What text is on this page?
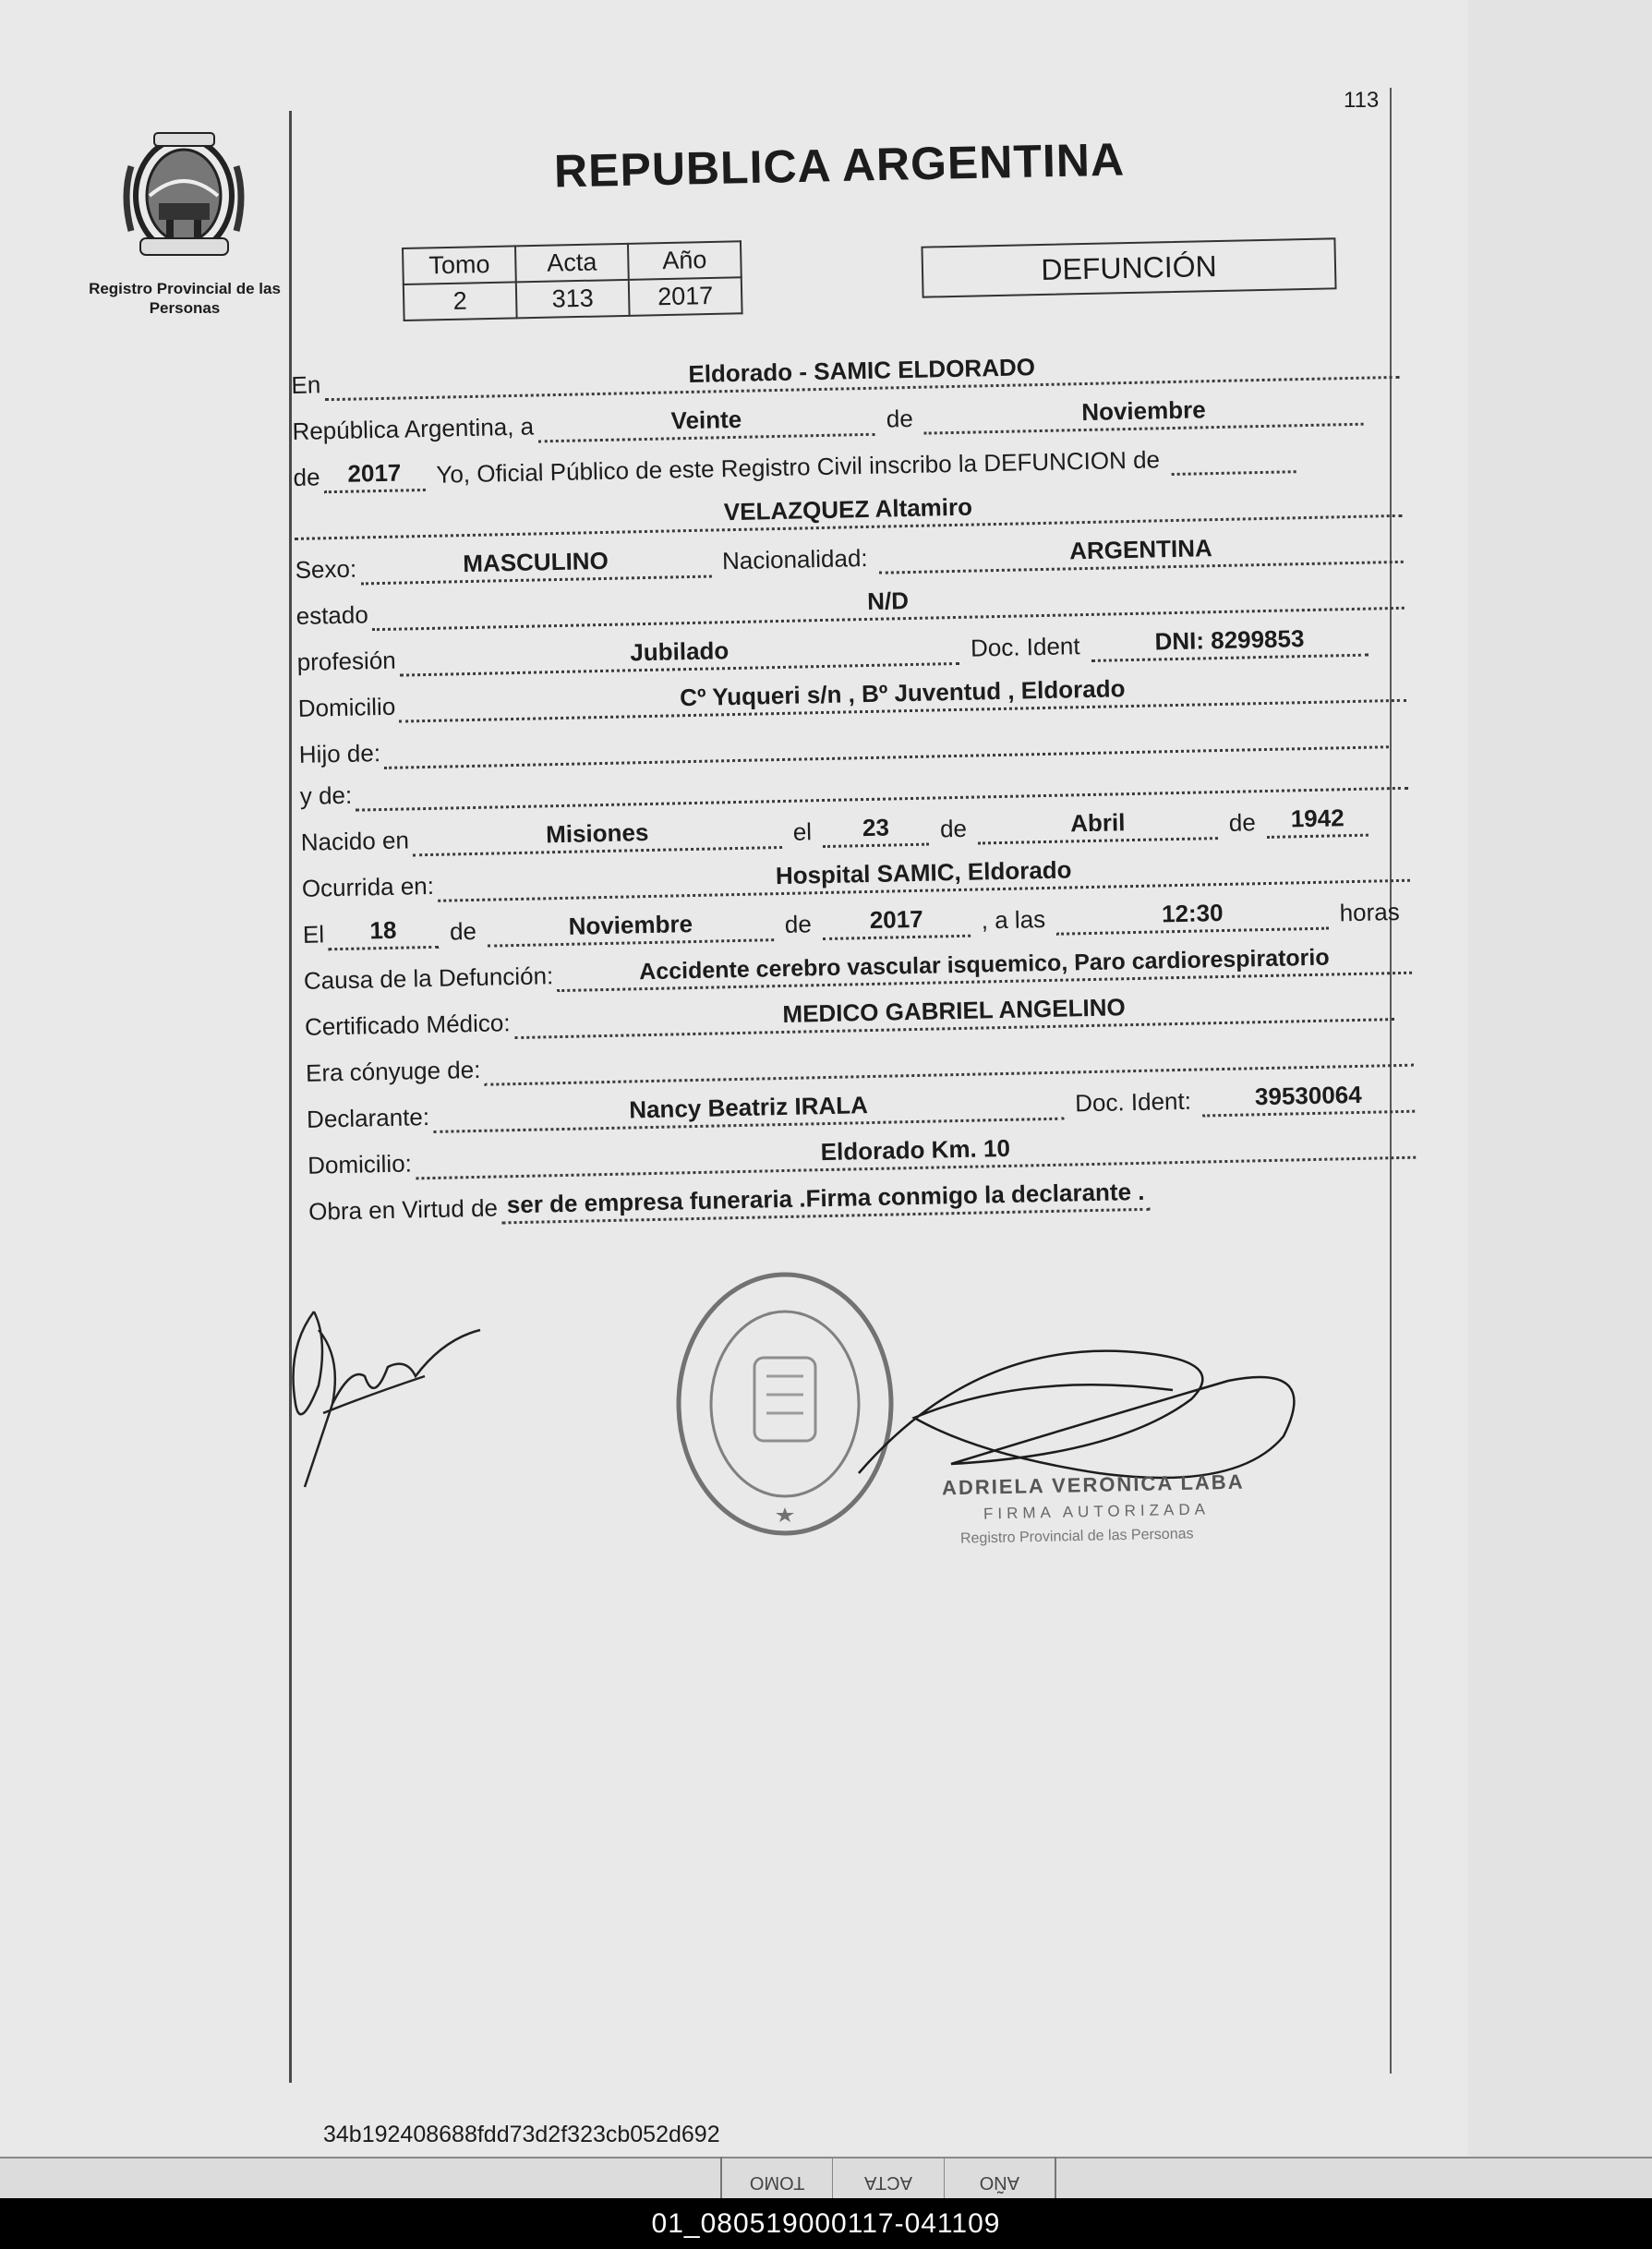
113
Registro Provincial de las Personas
REPUBLICA ARGENTINA
Tomo	Acta	Año
2	313	2017
DEFUNCIÓN
En	Eldorado - SAMIC ELDORADO
República Argentina, a	Veinte	de	Noviembre
de	2017	Yo, Oficial Público de este Registro Civil inscribo la DEFUNCION de
VELAZQUEZ Altamiro
Sexo:	MASCULINO	Nacionalidad:	ARGENTINA
estado	N/D
profesión	Jubilado	Doc. Ident	DNI: 8299853
Domicilio	Cº Yuqueri s/n , Bº Juventud , Eldorado
Hijo de:
y de:
Nacido en	Misiones	el	23	de	Abril	de	1942
Ocurrida en:	Hospital SAMIC, Eldorado
El	18	de	Noviembre	de	2017	, a las	12:30	horas
Causa de la Defunción:	Accidente cerebro vascular isquemico, Paro cardiorespiratorio
Certificado Médico:	MEDICO GABRIEL ANGELINO
Era cónyuge de:
Declarante:	Nancy Beatriz IRALA	Doc. Ident:	39530064
Domicilio:	Eldorado Km. 10
Obra en Virtud de ser de empresa funeraria .Firma conmigo la declarante .
ADRIELA VERONICA LABA
FIRMA AUTORIZADA
Registro Provincial de las Personas
34b192408688fdd73d2f323cb052d692
AÑO
ACTA
TOMO
01_080519000117-041109
